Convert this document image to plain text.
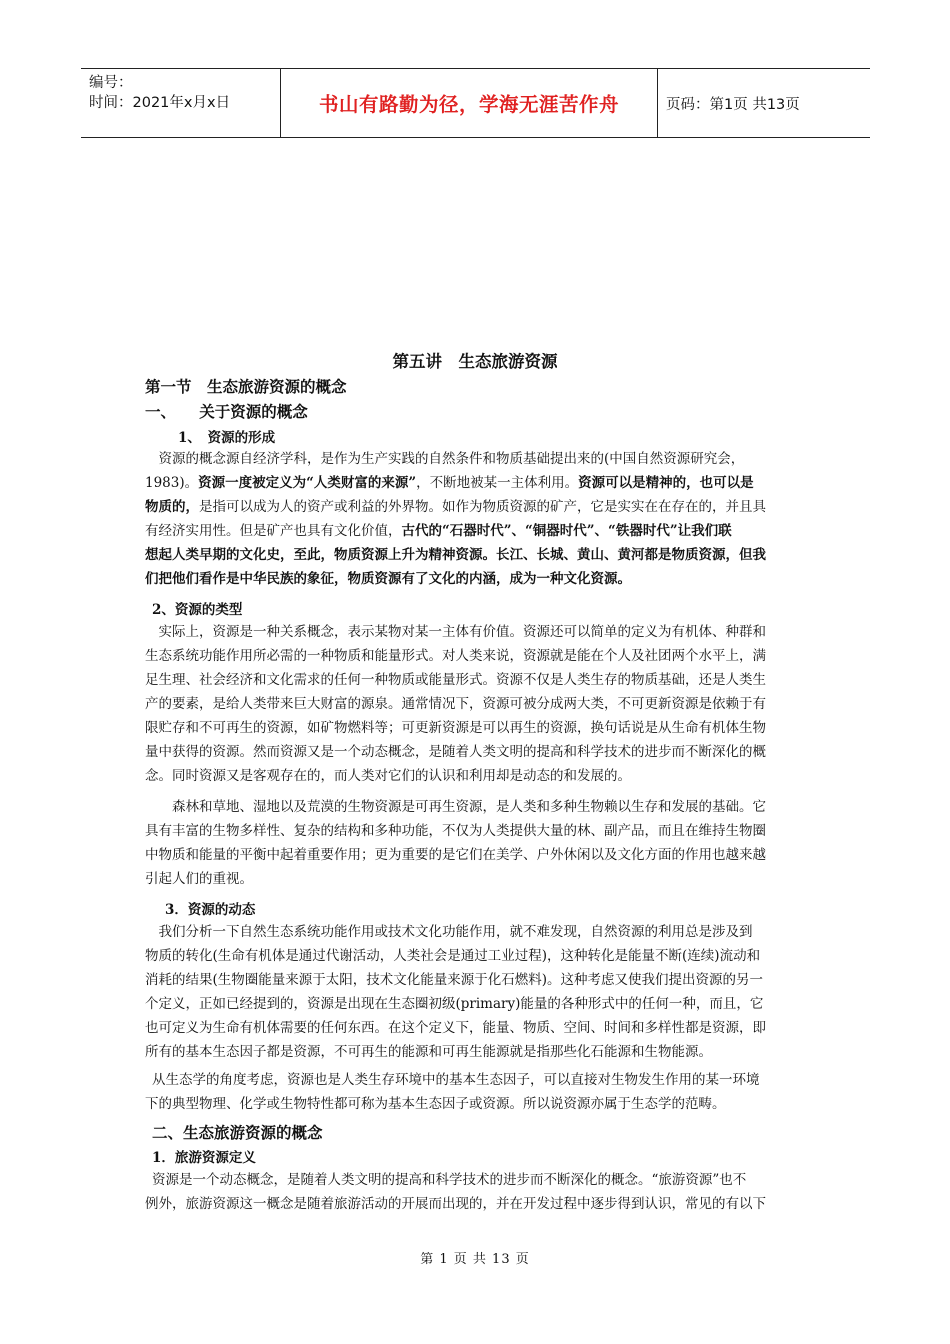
编号：
时间：2021年x月x日	书山有路勤为径，学海无涯苦作舟	页码：第1页 共13页
第五讲　生态旅游资源
第一节　生态旅游资源的概念
一、　　关于资源的概念
1、　资源的形成
　资源的概念源自经济学科，是作为生产实践的自然条件和物质基础提出来的(中国自然资源研究会，
1983)。资源一度被定义为“人类财富的来源”，不断地被某一主体利用。资源可以是精神的，也可以是
物质的，是指可以成为人的资产或利益的外界物。如作为物质资源的矿产，它是实实在在存在的，并且具
有经济实用性。但是矿产也具有文化价值，古代的“石器时代”、“铜器时代”、“铁器时代”让我们联
想起人类早期的文化史，至此，物质资源上升为精神资源。长江、长城、黄山、黄河都是物质资源，但我
们把他们看作是中华民族的象征，物质资源有了文化的内涵，成为一种文化资源。
2、资源的类型
　实际上，资源是一种关系概念，表示某物对某一主体有价值。资源还可以简单的定义为有机体、种群和
生态系统功能作用所必需的一种物质和能量形式。对人类来说，资源就是能在个人及社团两个水平上，满
足生理、社会经济和文化需求的任何一种物质或能量形式。资源不仅是人类生存的物质基础，还是人类生
产的要素，是给人类带来巨大财富的源泉。通常情况下，资源可被分成两大类，不可更新资源是依赖于有
限贮存和不可再生的资源，如矿物燃料等；可更新资源是可以再生的资源，换句话说是从生命有机体生物
量中获得的资源。然而资源又是一个动态概念，是随着人类文明的提高和科学技术的进步而不断深化的概
念。同时资源又是客观存在的，而人类对它们的认识和利用却是动态的和发展的。
　　森林和草地、湿地以及荒漠的生物资源是可再生资源，是人类和多种生物赖以生存和发展的基础。它
具有丰富的生物多样性、复杂的结构和多种功能，不仅为人类提供大量的林、副产品，而且在维持生物圈
中物质和能量的平衡中起着重要作用；更为重要的是它们在美学、户外休闲以及文化方面的作用也越来越
引起人们的重视。
3．资源的动态
　我们分析一下自然生态系统功能作用或技术文化功能作用，就不难发现，自然资源的利用总是涉及到
物质的转化(生命有机体是通过代谢活动，人类社会是通过工业过程)，这种转化是能量不断(连续)流动和
消耗的结果(生物圈能量来源于太阳，技术文化能量来源于化石燃料)。这种考虑又使我们提出资源的另一
个定义，正如已经提到的，资源是出现在生态圈初级(primary)能量的各种形式中的任何一种，而且，它
也可定义为生命有机体需要的任何东西。在这个定义下，能量、物质、空间、时间和多样性都是资源，即
所有的基本生态因子都是资源，不可再生的能源和可再生能源就是指那些化石能源和生物能源。
从生态学的角度考虑，资源也是人类生存环境中的基本生态因子，可以直接对生物发生作用的某一环境
下的典型物理、化学或生物特性都可称为基本生态因子或资源。所以说资源亦属于生态学的范畴。
二、生态旅游资源的概念
1．旅游资源定义
资源是一个动态概念，是随着人类文明的提高和科学技术的进步而不断深化的概念。“旅游资源”也不
例外，旅游资源这一概念是随着旅游活动的开展而出现的，并在开发过程中逐步得到认识，常见的有以下
第 1 页 共 13 页
